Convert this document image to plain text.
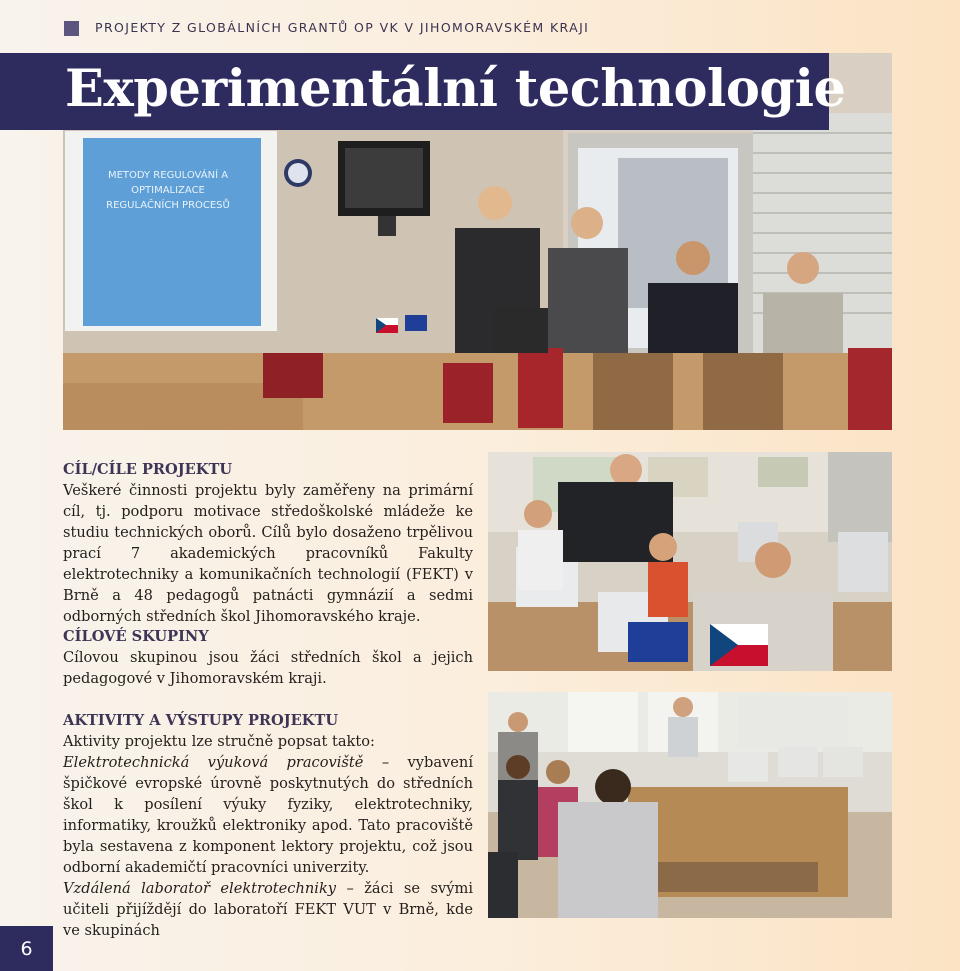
PROJEKTY Z GLOBÁLNÍCH GRANTŮ OP VK V JIHOMORAVSKÉM KRAJI
METODY REGULOVÁNÍ A
OPTIMALIZACE
REGULAČNÍCH PROCESŮ
Experimentální technologie
CÍL/CÍLE PROJEKTU

Veškeré činnosti projektu byly zaměřeny na primární cíl, tj. podporu motivace středoškolské mládeže ke studiu technických oborů. Cílů bylo dosaženo trpělivou prací 7 akademických pracovníků Fakulty elektrotechniky a komunikačních technologií (FEKT) v Brně a 48 pedagogů patnácti gymnázií a sedmi odborných středních škol Jihomoravského kraje.

CÍLOVÉ SKUPINY

Cílovou skupinou jsou žáci středních škol a jejich pedagogové v Jihomoravském kraji.

AKTIVITY A VÝSTUPY PROJEKTU

Aktivity projektu lze stručně popsat takto:
Elektrotechnická výuková pracoviště – vybavení špičkové evropské úrovně poskytnutých do středních škol k posílení výuky fyziky, elektrotechniky, informatiky, kroužků elektroniky apod. Tato pracoviště byla sestavena z komponent lektory projektu, což jsou odborní akademičtí pracovníci univerzity.
Vzdálená laboratoř elektrotechniky – žáci se svými učiteli přijíždějí do laboratoří FEKT VUT v Brně, kde ve skupinách

6
